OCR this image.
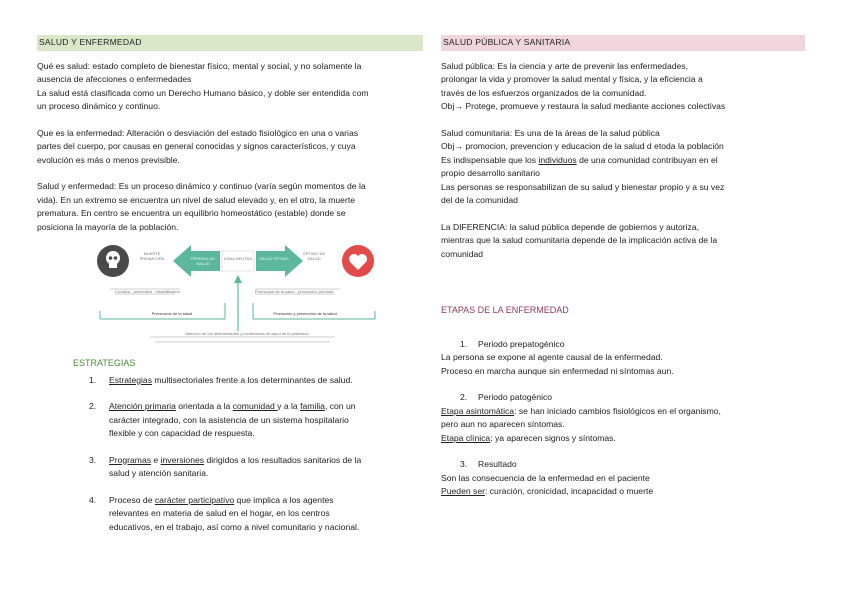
SALUD Y ENFERMEDAD

Qué es salud: estado completo de bienestar físico, mental y social, y no solamente la
ausencia de afecciones o enfermedades
La salud está clasificada como un Derecho Humano básico, y doble ser entendida com
un proceso dinámico y continuo.

Que es la enfermedad: Alteración o desviación del estado fisiológico en una o varias
partes del cuerpo, por causas en general conocidas y signos característicos, y cuya
evolución es más o menos previsible.

Salud y enfermedad: Es un proceso dinámico y continuo (varía según momentos de la
vida). En un extremo se encuentra un nivel de salud elevado y, en el otro, la muerte
prematura. En centro se encuentra un equilibrio homeostático (estable) donde se
posiciona la mayoría de la población.

MUERTE PREMATURA	PÉRDIDA DE SALUD
ZONA NEUTRA SALUD ÓPTIMA
ÓPTIMO DE SALUD
Curativa · preventiva · rehabilitadora	Promoción de la salud · prevención primaria
Prevención de la salud	Promoción y prevención de la salud
Atención de los determinantes y condiciones de salud de la población
ESTRATEGIAS
1. Estrategias multisectoriales frente a los determinantes de salud.
2. Atención primaria orientada a la comunidad y a la familia, con un
carácter integrado, con la asistencia de un sistema hospitalario
flexible y con capacidad de respuesta.
3. Programas e inversiones dirigidos a los resultados sanitarios de la
salud y atención sanitaria.
4. Proceso de carácter participativo que implica a los agentes
relevantes en materia de salud en el hogar, en los centros
educativos, en el trabajo, así como a nivel comunitario y nacional.
SALUD PÚBLICA Y SANITARIA

Salud pública: Es la ciencia y arte de prevenir las enfermedades,
prolongar la vida y promover la salud mental y física, y la eficiencia a
través de los esfuerzos organizados de la comunidad.
Obj→ Protege, promueve y restaura la salud mediante acciones colectivas

Salud comunitaria: Es una de la áreas de la salud pública
Obj→ promocion, prevencion y educacion de la salud d etoda la población
Es indispensable que los individuos de una comunidad contribuyan en el
propio desarrollo sanitario
Las personas se responsabilizan de su salud y bienestar propio y a su vez
del de la comunidad

La DIFERENCIA: la salud pública depende de gobiernos y autoriza,
mientras que la salud comunitaria depende de la implicación activa de la
comunidad

ETAPAS DE LA ENFERMEDAD
1. Periodo prepatogénico
La persona se expone al agente causal de la enfermedad.
Proceso en marcha aunque sin enfermedad ni síntomas aun.
2. Periodo patogénico
Etapa asintomática: se han iniciado cambios fisiológicos en el organismo,
pero aun no aparecen síntomas.
Etapa clínica: ya aparecen signos y síntomas.
3. Resultado
Son las consecuencia de la enfermedad en el paciente
Pueden ser: curación, cronicidad, incapacidad o muerte
